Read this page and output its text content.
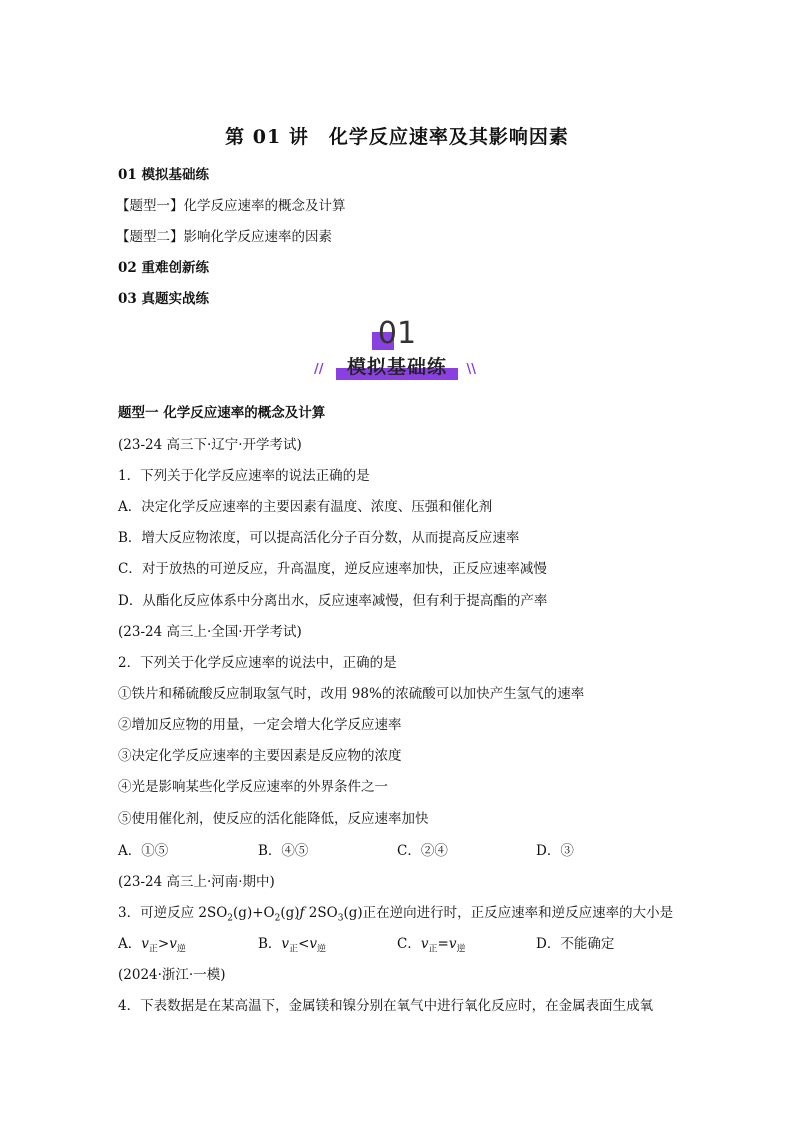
第 01 讲　化学反应速率及其影响因素
01 模拟基础练
【题型一】化学反应速率的概念及计算
【题型二】影响化学反应速率的因素
02 重难创新练
03 真题实战练
01
模拟基础练
//	\\
题型一 化学反应速率的概念及计算
(23-24 高三下·辽宁·开学考试)
1．下列关于化学反应速率的说法正确的是
A．决定化学反应速率的主要因素有温度、浓度、压强和催化剂
B．增大反应物浓度，可以提高活化分子百分数，从而提高反应速率
C．对于放热的可逆反应，升高温度，逆反应速率加快，正反应速率减慢
D．从酯化反应体系中分离出水，反应速率减慢，但有利于提高酯的产率
(23-24 高三上·全国·开学考试)
2．下列关于化学反应速率的说法中，正确的是
①铁片和稀硫酸反应制取氢气时，改用 98%的浓硫酸可以加快产生氢气的速率
②增加反应物的用量，一定会增大化学反应速率
③决定化学反应速率的主要因素是反应物的浓度
④光是影响某些化学反应速率的外界条件之一
⑤使用催化剂，使反应的活化能降低，反应速率加快
A．①⑤	B．④⑤	C．②④	D．③
(23-24 高三上·河南·期中)
3．可逆反应 $2SO_2(g)+O_2(g)ƒ$ $2SO_3(g)$正在逆向进行时，正反应速率和逆反应速率的大小是
A．$v_正>v_逆$	B．$v_正<v_逆$	C．$v_正=v_逆$	D．不能确定
(2024·浙江·一模)
4．下表数据是在某高温下，金属镁和镍分别在氧气中进行氧化反应时，在金属表面生成氧
